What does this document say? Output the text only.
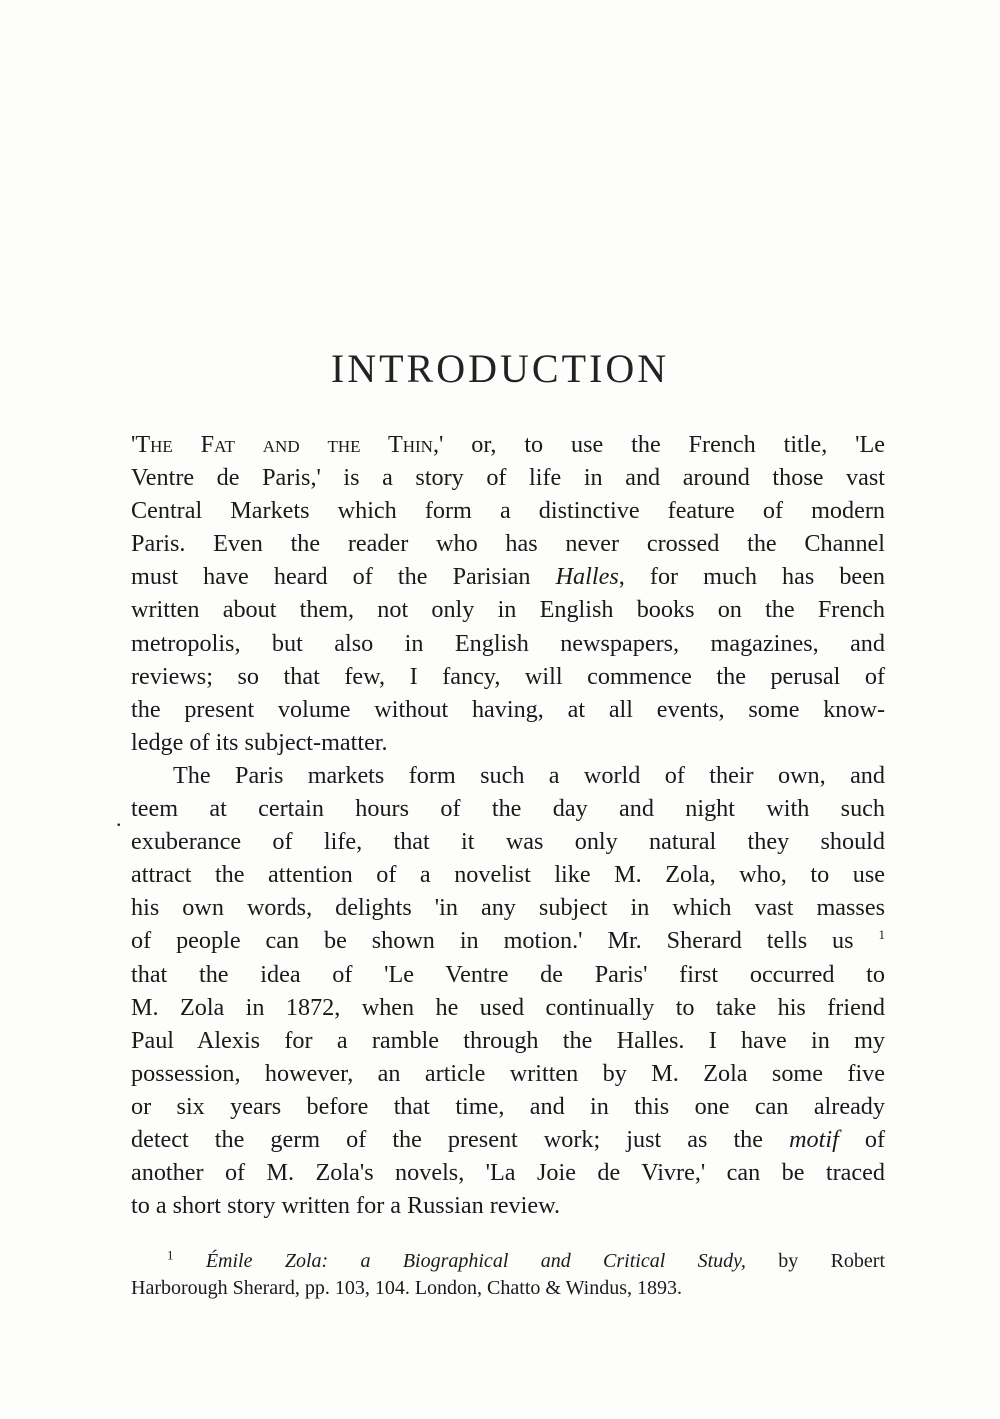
INTRODUCTION
'The Fat and the Thin,' or, to use the French title, 'Le
Ventre de Paris,' is a story of life in and around those vast
Central Markets which form a distinctive feature of modern
Paris. Even the reader who has never crossed the Channel
must have heard of the Parisian Halles, for much has been
written about them, not only in English books on the French
metropolis, but also in English newspapers, magazines, and
reviews; so that few, I fancy, will commence the perusal of
the present volume without having, at all events, some know-
ledge of its subject-matter.
The Paris markets form such a world of their own, and
teem at certain hours of the day and night with such
exuberance of life, that it was only natural they should
attract the attention of a novelist like M. Zola, who, to use
his own words, delights 'in any subject in which vast masses
of people can be shown in motion.' Mr. Sherard tells us $^1$
that the idea of 'Le Ventre de Paris' first occurred to
M. Zola in 1872, when he used continually to take his friend
Paul Alexis for a ramble through the Halles. I have in my
possession, however, an article written by M. Zola some five
or six years before that time, and in this one can already
detect the germ of the present work; just as the motif of
another of M. Zola's novels, 'La Joie de Vivre,' can be traced
to a short story written for a Russian review.
$^1$ Émile Zola: a Biographical and Critical Study, by Robert
Harborough Sherard, pp. 103, 104. London, Chatto & Windus, 1893.
.
